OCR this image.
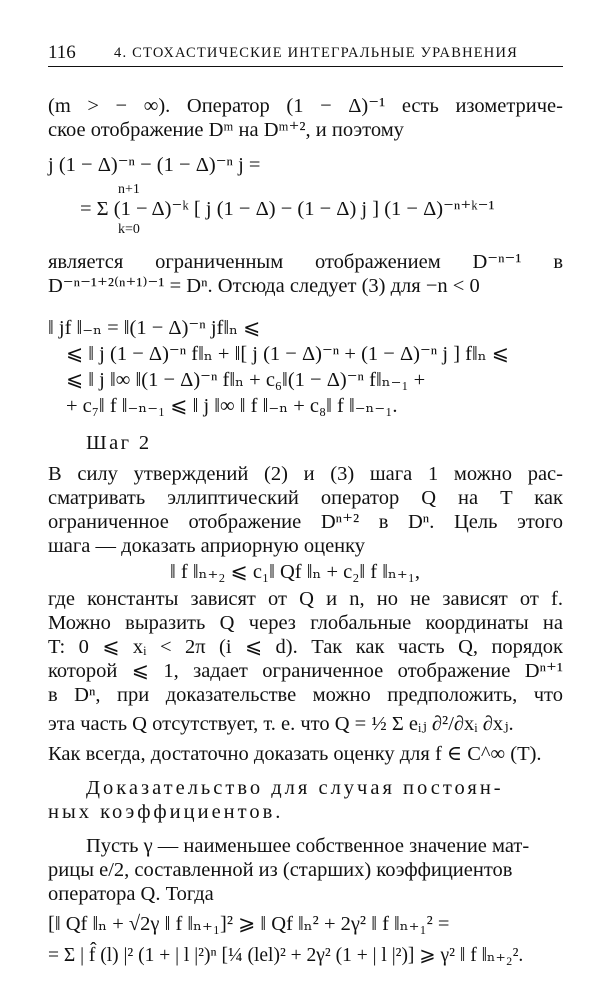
116	4. СТОХАСТИЧЕСКИЕ ИНТЕГРАЛЬНЫЕ УРАВНЕНИЯ
(m > − ∞). Оператор (1 − Δ)⁻¹ есть изометриче-
ское отображение Dᵐ на Dᵐ⁺², и поэтому
j (1 − Δ)⁻ⁿ − (1 − Δ)⁻ⁿ j =
n+1
= Σ (1 − Δ)⁻ᵏ [ j (1 − Δ) − (1 − Δ) j ] (1 − Δ)⁻ⁿ⁺ᵏ⁻¹
k=0
является ограниченным отображением D⁻ⁿ⁻¹ в
D⁻ⁿ⁻¹⁺²⁽ⁿ⁺¹⁾⁻¹ = Dⁿ. Отсюда следует (3) для −n < 0
‖ jf ‖₋ₙ = ‖(1 − Δ)⁻ⁿ jf‖ₙ ⩽
⩽ ‖ j (1 − Δ)⁻ⁿ f‖ₙ + ‖[ j (1 − Δ)⁻ⁿ + (1 − Δ)⁻ⁿ j ] f‖ₙ ⩽
⩽ ‖ j ‖∞ ‖(1 − Δ)⁻ⁿ f‖ₙ + c₆‖(1 − Δ)⁻ⁿ f‖ₙ₋₁ +
+ c₇‖ f ‖₋ₙ₋₁ ⩽ ‖ j ‖∞ ‖ f ‖₋ₙ + c₈‖ f ‖₋ₙ₋₁.
Шаг 2
В силу утверждений (2) и (3) шага 1 можно рас-
сматривать эллиптический оператор Q на T как
ограниченное отображение Dⁿ⁺² в Dⁿ. Цель этого
шага — доказать априорную оценку
‖ f ‖ₙ₊₂ ⩽ c₁‖ Qf ‖ₙ + c₂‖ f ‖ₙ₊₁,
где константы зависят от Q и n, но не зависят от f.
Можно выразить Q через глобальные координаты на
T: 0 ⩽ xᵢ < 2π (i ⩽ d). Так как часть Q, порядок
которой ⩽ 1, задает ограниченное отображение Dⁿ⁺¹
в Dⁿ, при доказательстве можно предположить, что
эта часть Q отсутствует, т. е. что Q = ½ Σ eᵢⱼ ∂²/∂xᵢ ∂xⱼ.
Как всегда, достаточно доказать оценку для f ∈ C^∞ (T).
Доказательство для случая постоян-
ных коэффициентов.
Пусть γ — наименьшее собственное значение мат-
рицы e/2, составленной из (старших) коэффициентов
оператора Q. Тогда
[‖ Qf ‖ₙ + √2γ ‖ f ‖ₙ₊₁]² ⩾ ‖ Qf ‖ₙ² + 2γ² ‖ f ‖ₙ₊₁² =
= Σ | f̂ (l) |² (1 + | l |²)ⁿ [¼ (lel)² + 2γ² (1 + | l |²)] ⩾ γ² ‖ f ‖ₙ₊₂².
